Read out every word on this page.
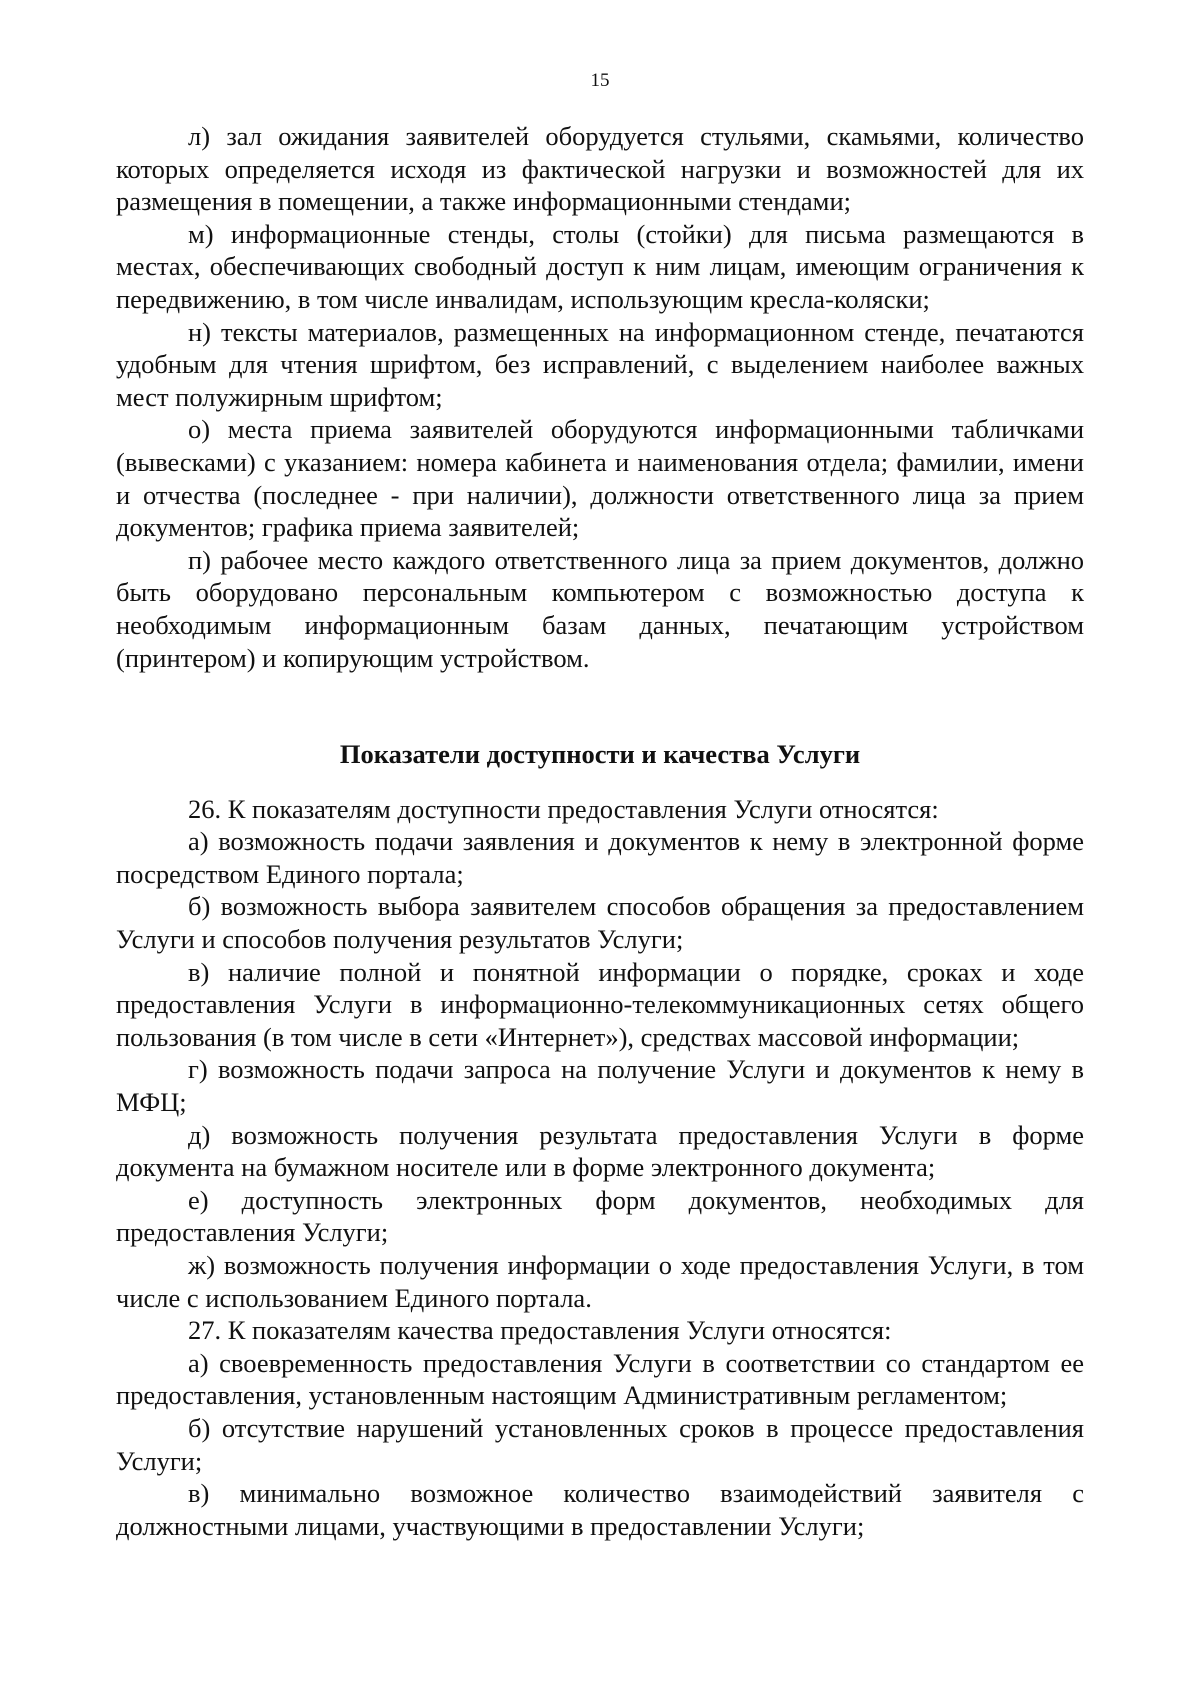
15

л) зал ожидания заявителей оборудуется стульями, скамьями, количество которых определяется исходя из фактической нагрузки и возможностей для их размещения в помещении, а также информационными стендами;

м) информационные стенды, столы (стойки) для письма размещаются в местах, обеспечивающих свободный доступ к ним лицам, имеющим ограничения к передвижению, в том числе инвалидам, использующим кресла-коляски;

н) тексты материалов, размещенных на информационном стенде, печатаются удобным для чтения шрифтом, без исправлений, с выделением наиболее важных мест полужирным шрифтом;

о) места приема заявителей оборудуются информационными табличками (вывесками) с указанием: номера кабинета и наименования отдела; фамилии, имени и отчества (последнее - при наличии), должности ответственного лица за прием документов; графика приема заявителей;

п) рабочее место каждого ответственного лица за прием документов, должно быть оборудовано персональным компьютером с возможностью доступа к необходимым информационным базам данных, печатающим устройством (принтером) и копирующим устройством.

Показатели доступности и качества Услуги

26. К показателям доступности предоставления Услуги относятся:

а) возможность подачи заявления и документов к нему в электронной форме посредством Единого портала;

б) возможность выбора заявителем способов обращения за предоставлением Услуги и способов получения результатов Услуги;

в) наличие полной и понятной информации о порядке, сроках и ходе предоставления Услуги в информационно-телекоммуникационных сетях общего пользования (в том числе в сети «Интернет»), средствах массовой информации;

г) возможность подачи запроса на получение Услуги и документов к нему в МФЦ;

д) возможность получения результата предоставления Услуги в форме документа на бумажном носителе или в форме электронного документа;

е) доступность электронных форм документов, необходимых для предоставления Услуги;

ж) возможность получения информации о ходе предоставления Услуги, в том числе с использованием Единого портала.

27. К показателям качества предоставления Услуги относятся:

а) своевременность предоставления Услуги в соответствии со стандартом ее предоставления, установленным настоящим Административным регламентом;

б) отсутствие нарушений установленных сроков в процессе предоставления Услуги;

в) минимально возможное количество взаимодействий заявителя с должностными лицами, участвующими в предоставлении Услуги;
